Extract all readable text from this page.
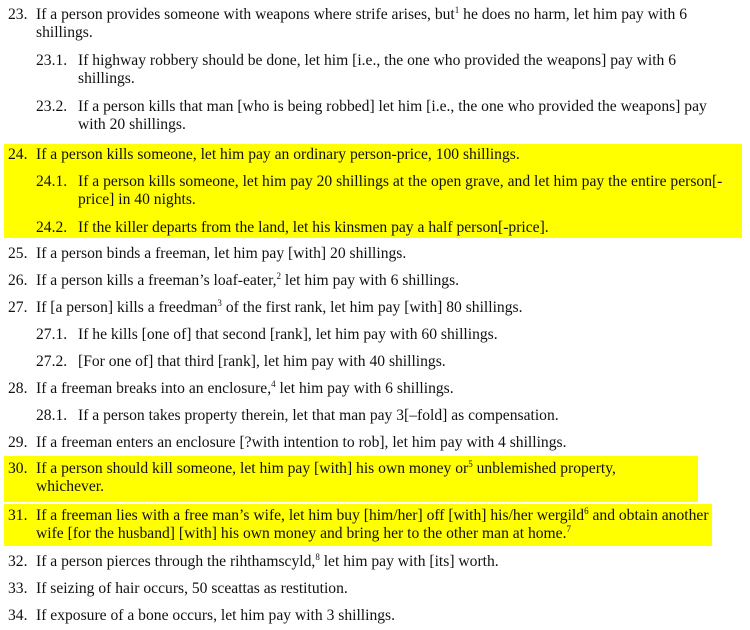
23. If a person provides someone with weapons where strife arises, but$^1$ he does no harm, let him pay with 6 shillings.
23.1. If highway robbery should be done, let him [i.e., the one who provided the weapons] pay with 6 shillings.
23.2. If a person kills that man [who is being robbed] let him [i.e., the one who provided the weapons] pay with 20 shillings.
24. If a person kills someone, let him pay an ordinary person-price, 100 shillings.
24.1. If a person kills someone, let him pay 20 shillings at the open grave, and let him pay the entire person[-price] in 40 nights.
24.2. If the killer departs from the land, let his kinsmen pay a half person[-price].
25. If a person binds a freeman, let him pay [with] 20 shillings.
26. If a person kills a freeman’s loaf-eater,$^2$ let him pay with 6 shillings.
27. If [a person] kills a freedman$^3$ of the first rank, let him pay [with] 80 shillings.
27.1. If he kills [one of] that second [rank], let him pay with 60 shillings.
27.2. [For one of] that third [rank], let him pay with 40 shillings.
28. If a freeman breaks into an enclosure,$^4$ let him pay with 6 shillings.
28.1. If a person takes property therein, let that man pay 3[–fold] as compensation.
29. If a freeman enters an enclosure [?with intention to rob], let him pay with 4 shillings.
30. If a person should kill someone, let him pay [with] his own money $or^5$ unblemished property, whichever.
31. If a freeman lies with a free man’s wife, let him buy [him/her] off [with] his/her wergild$^6$ and obtain another wife [for the husband] [with] his own money and bring her to the other man at home.$^7$
32. If a person pierces through the rihthamscyld,$^8$ let him pay with [its] worth.
33. If seizing of hair occurs, 50 sceattas as restitution.
34. If exposure of a bone occurs, let him pay with 3 shillings.
